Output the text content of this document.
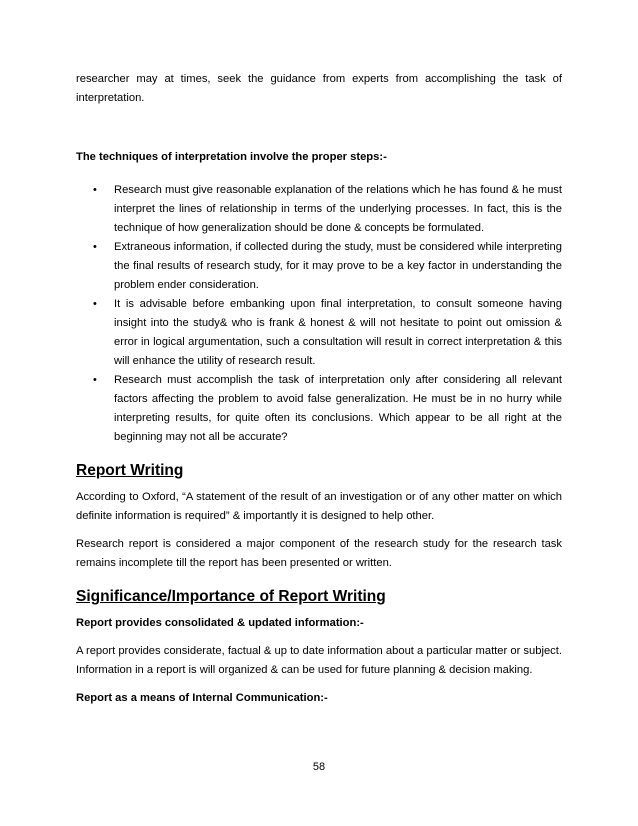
researcher may at times, seek the guidance from experts from accomplishing the task of interpretation.

The techniques of interpretation involve the proper steps:-

• Research must give reasonable explanation of the relations which he has found & he must interpret the lines of relationship in terms of the underlying processes. In fact, this is the technique of how generalization should be done & concepts be formulated.
• Extraneous information, if collected during the study, must be considered while interpreting the final results of research study, for it may prove to be a key factor in understanding the problem ender consideration.
• It is advisable before embanking upon final interpretation, to consult someone having insight into the study& who is frank & honest & will not hesitate to point out omission & error in logical argumentation, such a consultation will result in correct interpretation & this will enhance the utility of research result.
• Research must accomplish the task of interpretation only after considering all relevant factors affecting the problem to avoid false generalization. He must be in no hurry while interpreting results, for quite often its conclusions. Which appear to be all right at the beginning may not all be accurate?
Report Writing

According to Oxford, “A statement of the result of an investigation or of any other matter on which definite information is required” & importantly it is designed to help other.

Research report is considered a major component of the research study for the research task remains incomplete till the report has been presented or written.

Significance/Importance of Report Writing

Report provides consolidated & updated information:-

A report provides considerate, factual & up to date information about a particular matter or subject. Information in a report is will organized & can be used for future planning & decision making.

Report as a means of Internal Communication:-

58
